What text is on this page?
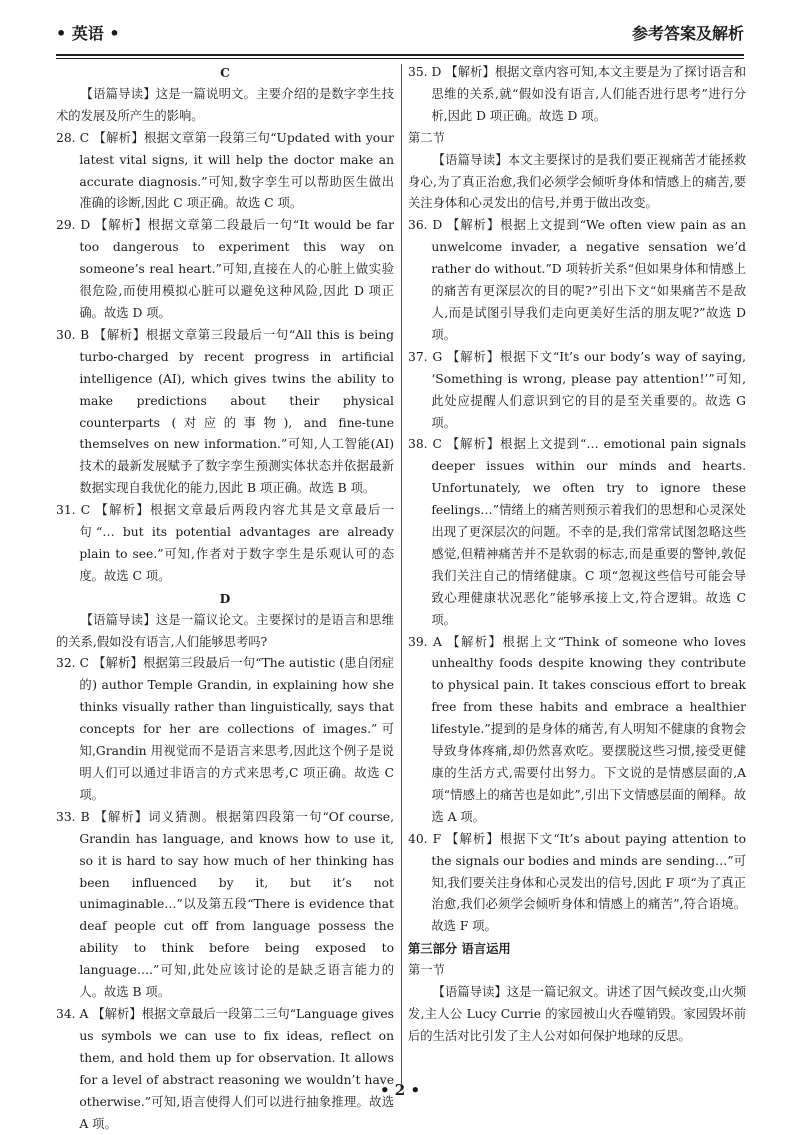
• 英语 •	参考答案及解析

C

【语篇导读】这是一篇说明文。主要介绍的是数字孪生技术的发展及所产生的影响。

28. C 【解析】根据文章第一段第三句“Updated with your latest vital signs, it will help the doctor make an accurate diagnosis.”可知,数字孪生可以帮助医生做出准确的诊断,因此 C 项正确。故选 C 项。

29. D 【解析】根据文章第二段最后一句“It would be far too dangerous to experiment this way on someone’s real heart.”可知,直接在人的心脏上做实验很危险,而使用模拟心脏可以避免这种风险,因此 D 项正确。故选 D 项。

30. B 【解析】根据文章第三段最后一句“All this is being turbo-charged by recent progress in artificial intelligence (AI), which gives twins the ability to make predictions about their physical counterparts (对应的事物), and fine-tune themselves on new information.”可知,人工智能(AI)技术的最新发展赋予了数字孪生预测实体状态并依据最新数据实现自我优化的能力,因此 B 项正确。故选 B 项。

31. C 【解析】根据文章最后两段内容尤其是文章最后一句“… but its potential advantages are already plain to see.”可知,作者对于数字孪生是乐观认可的态度。故选 C 项。

D

【语篇导读】这是一篇议论文。主要探讨的是语言和思维的关系,假如没有语言,人们能够思考吗?

32. C 【解析】根据第三段最后一句“The autistic (患自闭症的) author Temple Grandin, in explaining how she thinks visually rather than linguistically, says that concepts for her are collections of images.”可知,Grandin 用视觉而不是语言来思考,因此这个例子是说明人们可以通过非语言的方式来思考,C 项正确。故选 C 项。

33. B 【解析】词义猜测。根据第四段第一句“Of course, Grandin has language, and knows how to use it, so it is hard to say how much of her thinking has been influenced by it, but it’s not unimaginable…”以及第五段“There is evidence that deaf people cut off from language possess the ability to think before being exposed to language….”可知,此处应该讨论的是缺乏语言能力的人。故选 B 项。

34. A 【解析】根据文章最后一段第二三句“Language gives us symbols we can use to fix ideas, reflect on them, and hold them up for observation. It allows for a level of abstract reasoning we wouldn’t have otherwise.”可知,语言使得人们可以进行抽象推理。故选 A 项。

35. D 【解析】根据文章内容可知,本文主要是为了探讨语言和思维的关系,就“假如没有语言,人们能否进行思考”进行分析,因此 D 项正确。故选 D 项。

第二节

【语篇导读】本文主要探讨的是我们要正视痛苦才能拯救身心,为了真正治愈,我们必须学会倾听身体和情感上的痛苦,要关注身体和心灵发出的信号,并勇于做出改变。

36. D 【解析】根据上文提到“We often view pain as an unwelcome invader, a negative sensation we’d rather do without.”D 项转折关系“但如果身体和情感上的痛苦有更深层次的目的呢?”引出下文“如果痛苦不是敌人,而是试图引导我们走向更美好生活的朋友呢?”故选 D 项。

37. G 【解析】根据下文“It’s our body’s way of saying, ‘Something is wrong, please pay attention!’”可知,此处应提醒人们意识到它的目的是至关重要的。故选 G 项。

38. C 【解析】根据上文提到“… emotional pain signals deeper issues within our minds and hearts. Unfortunately, we often try to ignore these feelings…”情绪上的痛苦则预示着我们的思想和心灵深处出现了更深层次的问题。不幸的是,我们常常试图忽略这些感觉,但精神痛苦并不是软弱的标志,而是重要的警钟,敦促我们关注自己的情绪健康。C 项“忽视这些信号可能会导致心理健康状况恶化”能够承接上文,符合逻辑。故选 C 项。

39. A 【解析】根据上文“Think of someone who loves unhealthy foods despite knowing they contribute to physical pain. It takes conscious effort to break free from these habits and embrace a healthier lifestyle.”提到的是身体的痛苦,有人明知不健康的食物会导致身体疼痛,却仍然喜欢吃。要摆脱这些习惯,接受更健康的生活方式,需要付出努力。下文说的是情感层面的,A 项“情感上的痛苦也是如此”,引出下文情感层面的阐释。故选 A 项。

40. F 【解析】根据下文“It’s about paying attention to the signals our bodies and minds are sending…”可知,我们要关注身体和心灵发出的信号,因此 F 项“为了真正治愈,我们必须学会倾听身体和情感上的痛苦”,符合语境。故选 F 项。

第三部分 语言运用

第一节

【语篇导读】这是一篇记叙文。讲述了因气候改变,山火频发,主人公 Lucy Currie 的家园被山火吞噬销毁。家园毁坏前后的生活对比引发了主人公对如何保护地球的反思。

• 2 •
